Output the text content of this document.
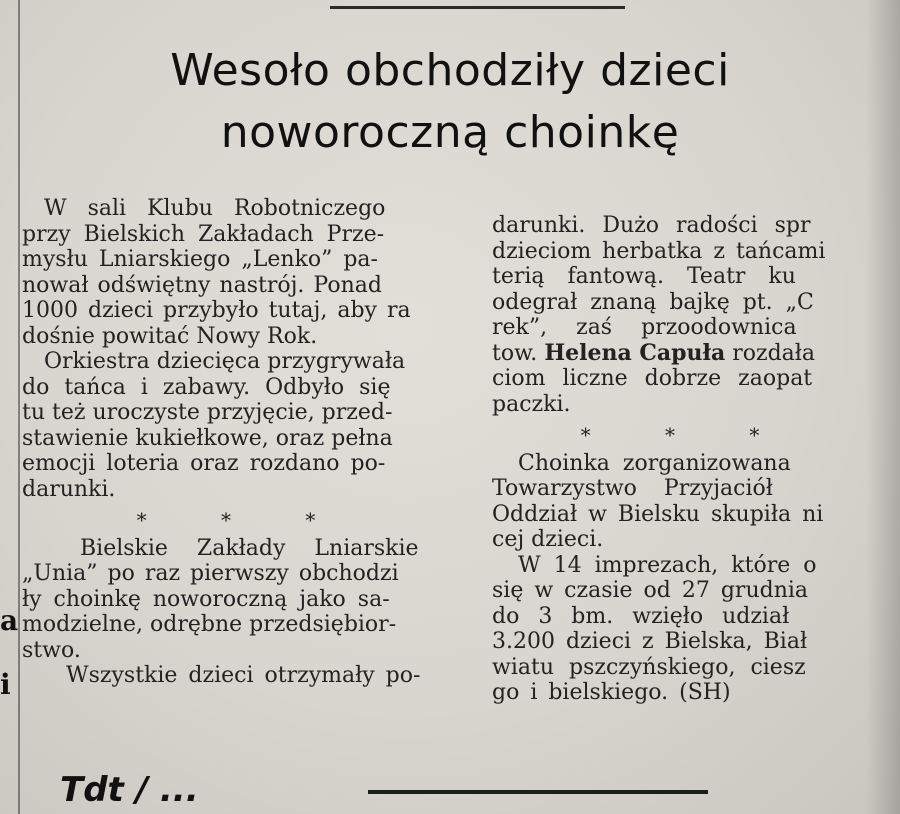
a
i
Wesoło obchodziły dzieci
noworoczną choinkę

W sali Klubu Robotniczego
przy Bielskich Zakładach Prze-
mysłu Lniarskiego „Lenko” pa-
nował odświętny nastrój. Ponad
1000 dzieci przybyło tutaj, aby ra
dośnie powitać Nowy Rok.

Orkiestra dziecięca przygrywała
do tańca i zabawy. Odbyło się
tu też uroczyste przyjęcie, przed-
stawienie kukiełkowe, oraz pełna
emocji loteria oraz rozdano po-
darunki.

* * *

Bielskie Zakłady Lniarskie
„Unia” po raz pierwszy obchodzi
ły choinkę noworoczną jako sa-
modzielne, odrębne przedsiębior-
stwo.

Wszystkie dzieci otrzymały po-

darunki. Dużo radości spr
dzieciom herbatka z tańcami
terią fantową. Teatr ku
odegrał znaną bajkę pt. „C
rek”, zaś przoodownica
tow. Helena Capuła rozdała
ciom liczne dobrze zaopat
paczki.

* * *

Choinka zorganizowana
Towarzystwo Przyjaciół
Oddział w Bielsku skupiła ni
cej dzieci.

W 14 imprezach, które o
się w czasie od 27 grudnia
do 3 bm. wzięło udział
3.200 dzieci z Bielska, Biał
wiatu pszczyńskiego, ciesz
go i bielskiego. (SH)

Tdt / ...
